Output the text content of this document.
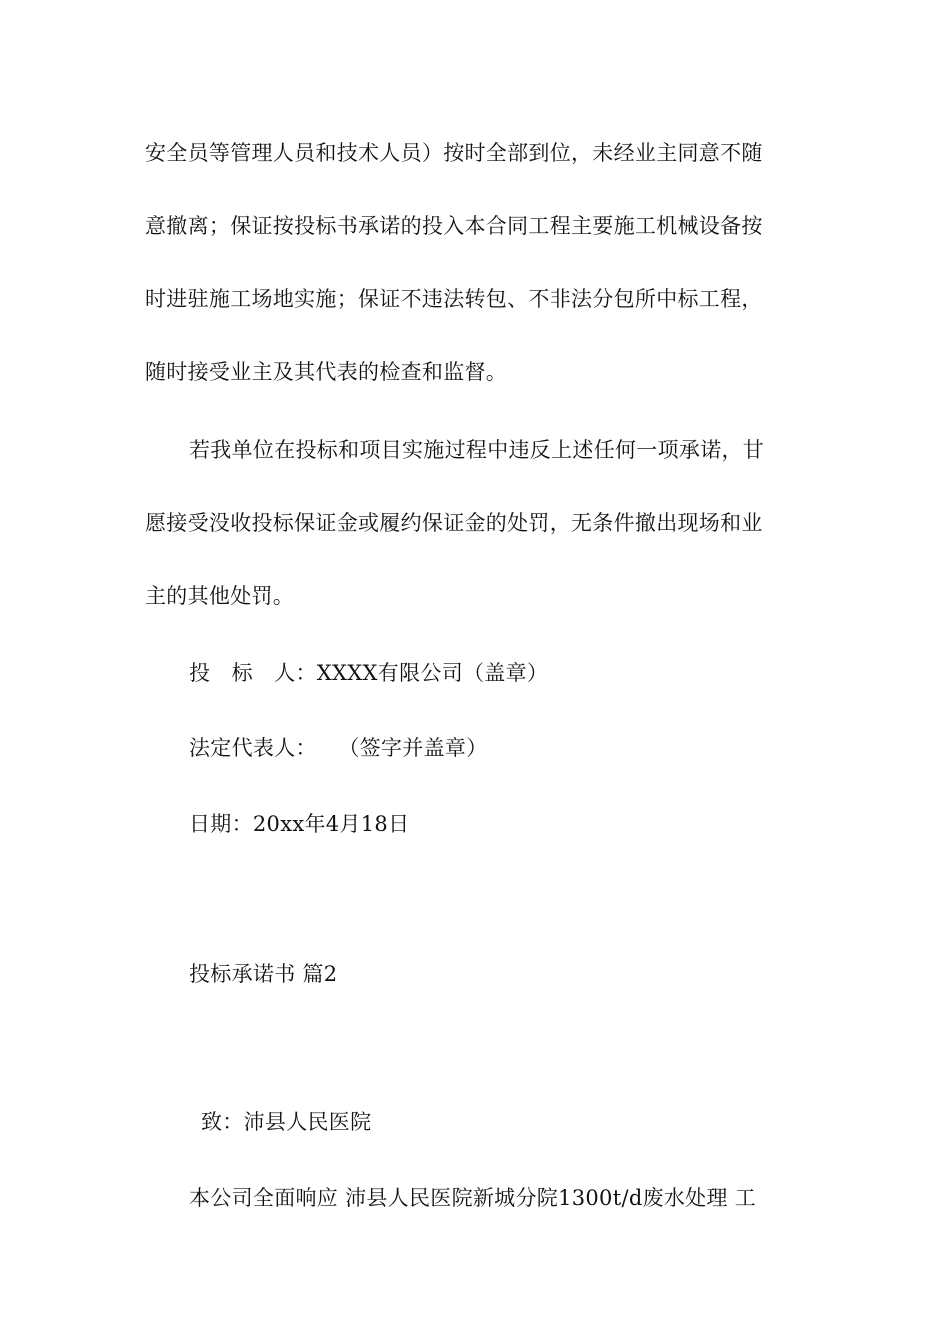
安全员等管理人员和技术人员）按时全部到位，未经业主同意不随
意撤离；保证按投标书承诺的投入本合同工程主要施工机械设备按
时进驻施工场地实施；保证不违法转包、不非法分包所中标工程，
随时接受业主及其代表的检查和监督。
若我单位在投标和项目实施过程中违反上述任何一项承诺，甘
愿接受没收投标保证金或履约保证金的处罚，无条件撤出现场和业
主的其他处罚。
投　标　人：XXXX有限公司（盖章）
法定代表人：　　（签字并盖章）
日期：20xx年4月18日
投标承诺书 篇2
致：沛县人民医院
本公司全面响应 沛县人民医院新城分院1300t/d废水处理 工
